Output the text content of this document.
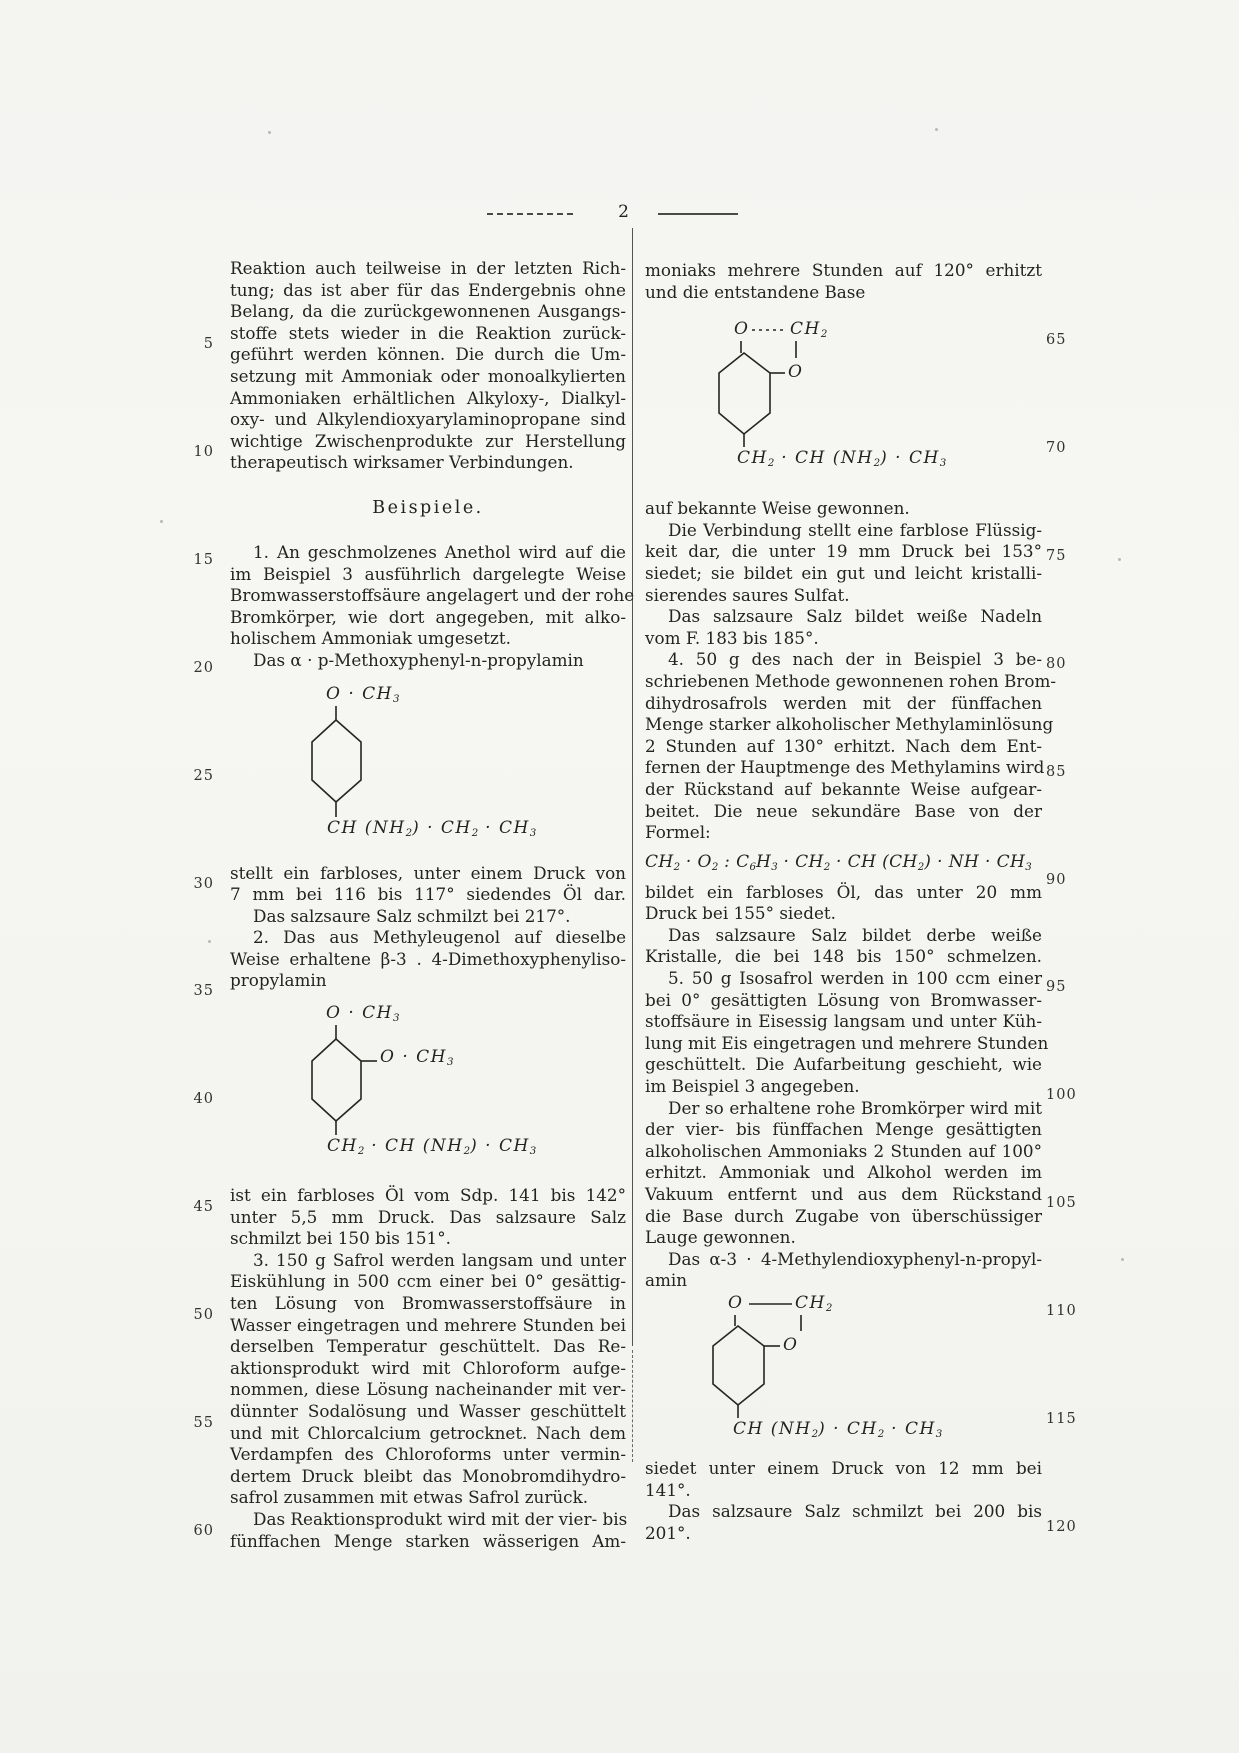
2
5
10
15
20
25
30
35
40
45
50
55
60
65
70
75
80
85
90
95
100
105
110
115
120
Reaktion auch teilweise in der letzten Rich-
tung; das ist aber für das Endergebnis ohne
Belang, da die zurückgewonnenen Ausgangs-
stoffe stets wieder in die Reaktion zurück-
geführt werden können. Die durch die Um-
setzung mit Ammoniak oder monoalkylierten
Ammoniaken erhältlichen Alkyloxy-, Dialkyl-
oxy- und Alkylendioxyarylaminopropane sind
wichtige Zwischenprodukte zur Herstellung
therapeutisch wirksamer Verbindungen.
Beispiele.
1. An geschmolzenes Anethol wird auf die
im Beispiel 3 ausführlich dargelegte Weise
Bromwasserstoffsäure angelagert und der rohe
Bromkörper, wie dort angegeben, mit alko-
holischem Ammoniak umgesetzt.
Das α · p-Methoxyphenyl-n-propylamin
$O \cdot CH_3$
CH $(NH_2) \cdot CH_2 \cdot CH_3$
stellt ein farbloses, unter einem Druck von
7 mm bei 116 bis 117° siedendes Öl dar.
Das salzsaure Salz schmilzt bei 217°.
2. Das aus Methyleugenol auf dieselbe
Weise erhaltene β-3 . 4-Dimethoxyphenyliso-
propylamin
$O \cdot CH_3$
$O \cdot CH_3$
$CH_2$ · CH $(NH_2) \cdot CH_3$
ist ein farbloses Öl vom Sdp. 141 bis 142°
unter 5,5 mm Druck. Das salzsaure Salz
schmilzt bei 150 bis 151°.
3. 150 g Safrol werden langsam und unter
Eiskühlung in 500 ccm einer bei 0° gesättig-
ten Lösung von Bromwasserstoffsäure in
Wasser eingetragen und mehrere Stunden bei
derselben Temperatur geschüttelt. Das Re-
aktionsprodukt wird mit Chloroform aufge-
nommen, diese Lösung nacheinander mit ver-
dünnter Sodalösung und Wasser geschüttelt
und mit Chlorcalcium getrocknet. Nach dem
Verdampfen des Chloroforms unter vermin-
dertem Druck bleibt das Monobromdihydro-
safrol zusammen mit etwas Safrol zurück.
Das Reaktionsprodukt wird mit der vier- bis
fünffachen Menge starken wässerigen Am-
moniaks mehrere Stunden auf 120° erhitzt
und die entstandene Base
O $CH_2$
O
$CH_2$ · CH $(NH_2) \cdot CH_3$
auf bekannte Weise gewonnen.
Die Verbindung stellt eine farblose Flüssig-
keit dar, die unter 19 mm Druck bei 153°
siedet; sie bildet ein gut und leicht kristalli-
sierendes saures Sulfat.
Das salzsaure Salz bildet weiße Nadeln
vom F. 183 bis 185°.
4. 50 g des nach der in Beispiel 3 be-
schriebenen Methode gewonnenen rohen Brom-
dihydrosafrols werden mit der fünffachen
Menge starker alkoholischer Methylaminlösung
2 Stunden auf 130° erhitzt. Nach dem Ent-
fernen der Hauptmenge des Methylamins wird
der Rückstand auf bekannte Weise aufgear-
beitet. Die neue sekundäre Base von der
Formel:
$CH_2 \cdot O_2$ : $C_6H_3 \cdot CH_2$ · CH $(CH_2)$ · NH · $CH_3$
bildet ein farbloses Öl, das unter 20 mm
Druck bei 155° siedet.
Das salzsaure Salz bildet derbe weiße
Kristalle, die bei 148 bis 150° schmelzen.
5. 50 g Isosafrol werden in 100 ccm einer
bei 0° gesättigten Lösung von Bromwasser-
stoffsäure in Eisessig langsam und unter Küh-
lung mit Eis eingetragen und mehrere Stunden
geschüttelt. Die Aufarbeitung geschieht, wie
im Beispiel 3 angegeben.
Der so erhaltene rohe Bromkörper wird mit
der vier- bis fünffachen Menge gesättigten
alkoholischen Ammoniaks 2 Stunden auf 100°
erhitzt. Ammoniak und Alkohol werden im
Vakuum entfernt und aus dem Rückstand
die Base durch Zugabe von überschüssiger
Lauge gewonnen.
Das α-3 · 4-Methylendioxyphenyl-n-propyl-
amin
O	$CH_2$
O
CH $(NH_2) \cdot CH_2 \cdot CH_3$
siedet unter einem Druck von 12 mm bei
141°.
Das salzsaure Salz schmilzt bei 200 bis
201°.
